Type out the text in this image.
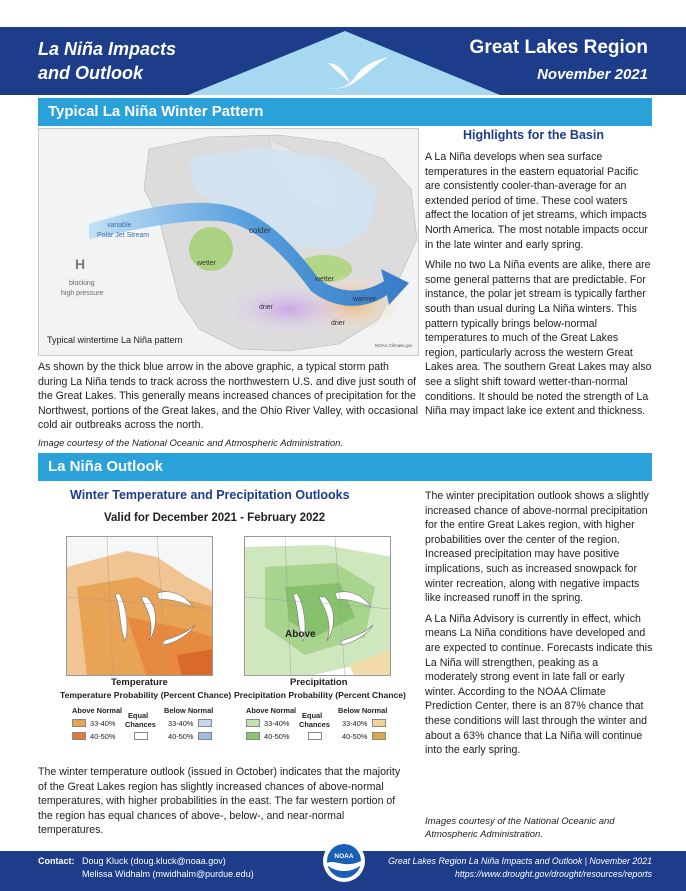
La Niña Impacts
and Outlook
Great Lakes Region
November 2021
Typical La Niña Winter Pattern
variable
Polar Jet Stream
H
blocking
high pressure
colder
wetter
wetter
warmer
drier
drier
Typical wintertime La Niña pattern
NOAA Climate.gov
As shown by the thick blue arrow in the above graphic, a typical storm path during La Niña tends to track across the northwestern U.S. and dive just south of the Great Lakes. This generally means increased chances of precipitation for the Northwest, portions of the Great lakes, and the Ohio River Valley, with occasional cold air outbreaks across the north.
Image courtesy of the National Oceanic and Atmospheric Administration.
Highlights for the Basin

A La Niña develops when sea surface temperatures in the eastern equatorial Pacific are consistently cooler-than-average for an extended period of time. These cool waters affect the location of jet streams, which impacts North America. The most notable impacts occur in the late winter and early spring.

While no two La Niña events are alike, there are some general patterns that are predictable. For instance, the polar jet stream is typically farther south than usual during La Niña winters. This pattern typically brings below-normal temperatures to much of the Great Lakes region, particularly across the western Great Lakes area. The southern Great Lakes may also see a slight shift toward wetter-than-normal conditions. It should be noted the strength of La Niña may impact lake ice extent and thickness.

La Niña Outlook
Winter Temperature and Precipitation Outlooks
Valid for December 2021 - February 2022
Above
Temperature	Precipitation
Temperature Probability (Percent Chance)
Above Normal
Equal
Chances
Below Normal
33-40%
40-50%
33-40%
40-50%
Precipitation Probability (Percent Chance)
Above Normal
Equal
Chances
Below Normal
33-40%
40-50%
33-40%
40-50%
The winter temperature outlook (issued in October) indicates that the majority of the Great Lakes region has slightly increased chances of above-normal temperatures, with higher probabilities in the east. The far western portion of the region has equal chances of above-, below-, and near-normal temperatures.

The winter precipitation outlook shows a slightly increased chance of above-normal precipitation for the entire Great Lakes region, with higher probabilities over the center of the region. Increased precipitation may have positive implications, such as increased snowpack for winter recreation, along with negative impacts like increased runoff in the spring.

A La Niña Advisory is currently in effect, which means La Niña conditions have developed and are expected to continue. Forecasts indicate this La Niña will strengthen, peaking as a moderately strong event in late fall or early winter. According to the NOAA Climate Prediction Center, there is an 87% chance that these conditions will last through the winter and about a 63% chance that La Niña will continue into the early spring.

Images courtesy of the National Oceanic and Atmospheric Administration.
Contact: Doug Kluck (doug.kluck@noaa.gov)
Melissa Widhalm (mwidhalm@purdue.edu)
NOAA	Great Lakes Region La Niña Impacts and Outlook | November 2021
https://www.drought.gov/drought/resources/reports
